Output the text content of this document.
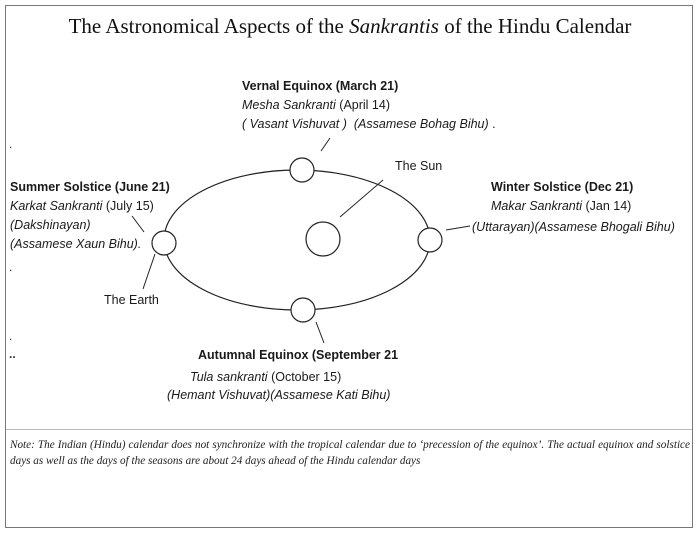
The Astronomical Aspects of the Sankrantis of the Hindu Calendar
Vernal Equinox (March 21)
Mesha Sankranti (April 14)
( Vasant Vishuvat ) (Assamese Bohag Bihu) .
Summer Solstice (June 21)
Karkat Sankranti (July 15)
(Dakshinayan)
(Assamese Xaun Bihu).
Winter Solstice (Dec 21)
Makar Sankranti (Jan 14)
(Uttarayan)(Assamese Bhogali Bihu)
Autumnal Equinox (September 21
Tula sankranti (October 15)
(Hemant Vishuvat)(Assamese Kati Bihu)
The Sun
The Earth
.
.
.
..
Note: The Indian (Hindu) calendar does not synchronize with the tropical calendar due to ‘precession of the equinox’. The actual equinox and solstice days as well as the days of the seasons are about 24 days ahead of the Hindu calendar days
